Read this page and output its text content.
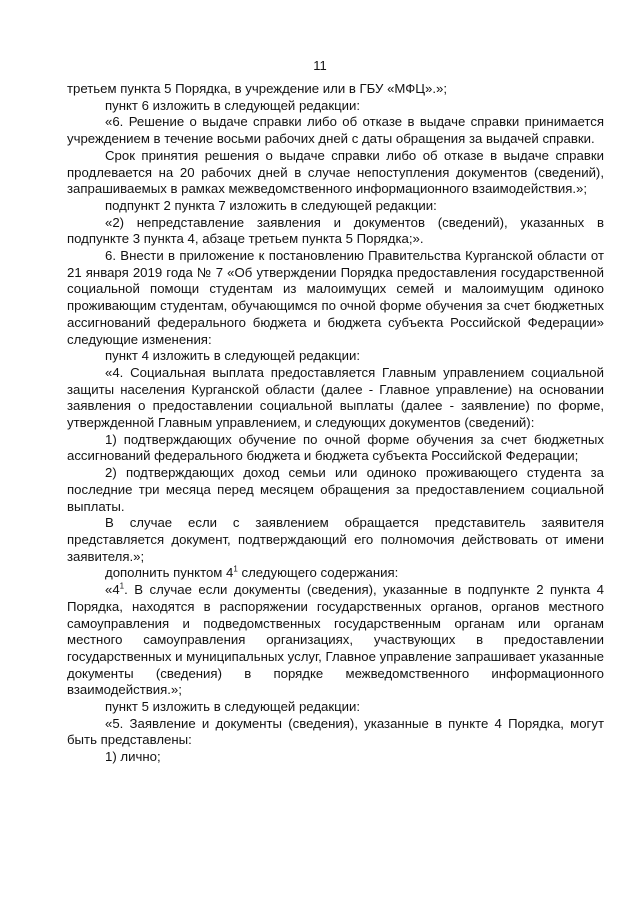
11

третьем пункта 5 Порядка, в учреждение или в ГБУ «МФЦ».»;

пункт 6 изложить в следующей редакции:

«6. Решение о выдаче справки либо об отказе в выдаче справки принимается учреждением в течение восьми рабочих дней с даты обращения за выдачей справки.

Срок принятия решения о выдаче справки либо об отказе в выдаче справки продлевается на 20 рабочих дней в случае непоступления документов (сведений), запрашиваемых в рамках межведомственного информационного взаимодействия.»;

подпункт 2 пункта 7 изложить в следующей редакции:

«2) непредставление заявления и документов (сведений), указанных в подпункте 3 пункта 4, абзаце третьем пункта 5 Порядка;».

6. Внести в приложение к постановлению Правительства Курганской области от 21 января 2019 года № 7 «Об утверждении Порядка предоставления государственной социальной помощи студентам из малоимущих семей и малоимущим одиноко проживающим студентам, обучающимся по очной форме обучения за счет бюджетных ассигнований федерального бюджета и бюджета субъекта Российской Федерации» следующие изменения:

пункт 4 изложить в следующей редакции:

«4. Социальная выплата предоставляется Главным управлением социальной защиты населения Курганской области (далее - Главное управление) на основании заявления о предоставлении социальной выплаты (далее - заявление) по форме, утвержденной Главным управлением, и следующих документов (сведений):

1) подтверждающих обучение по очной форме обучения за счет бюджетных ассигнований федерального бюджета и бюджета субъекта Российской Федерации;

2) подтверждающих доход семьи или одиноко проживающего студента за последние три месяца перед месяцем обращения за предоставлением социальной выплаты.

В случае если с заявлением обращается представитель заявителя представляется документ, подтверждающий его полномочия действовать от имени заявителя.»;

дополнить пунктом $4^1$ следующего содержания:

«$4^1$. В случае если документы (сведения), указанные в подпункте 2 пункта 4 Порядка, находятся в распоряжении государственных органов, органов местного самоуправления и подведомственных государственным органам или органам местного самоуправления организациях, участвующих в предоставлении государственных и муниципальных услуг, Главное управление запрашивает указанные документы (сведения) в порядке межведомственного информационного взаимодействия.»;

пункт 5 изложить в следующей редакции:

«5. Заявление и документы (сведения), указанные в пункте 4 Порядка, могут быть представлены:

1) лично;
